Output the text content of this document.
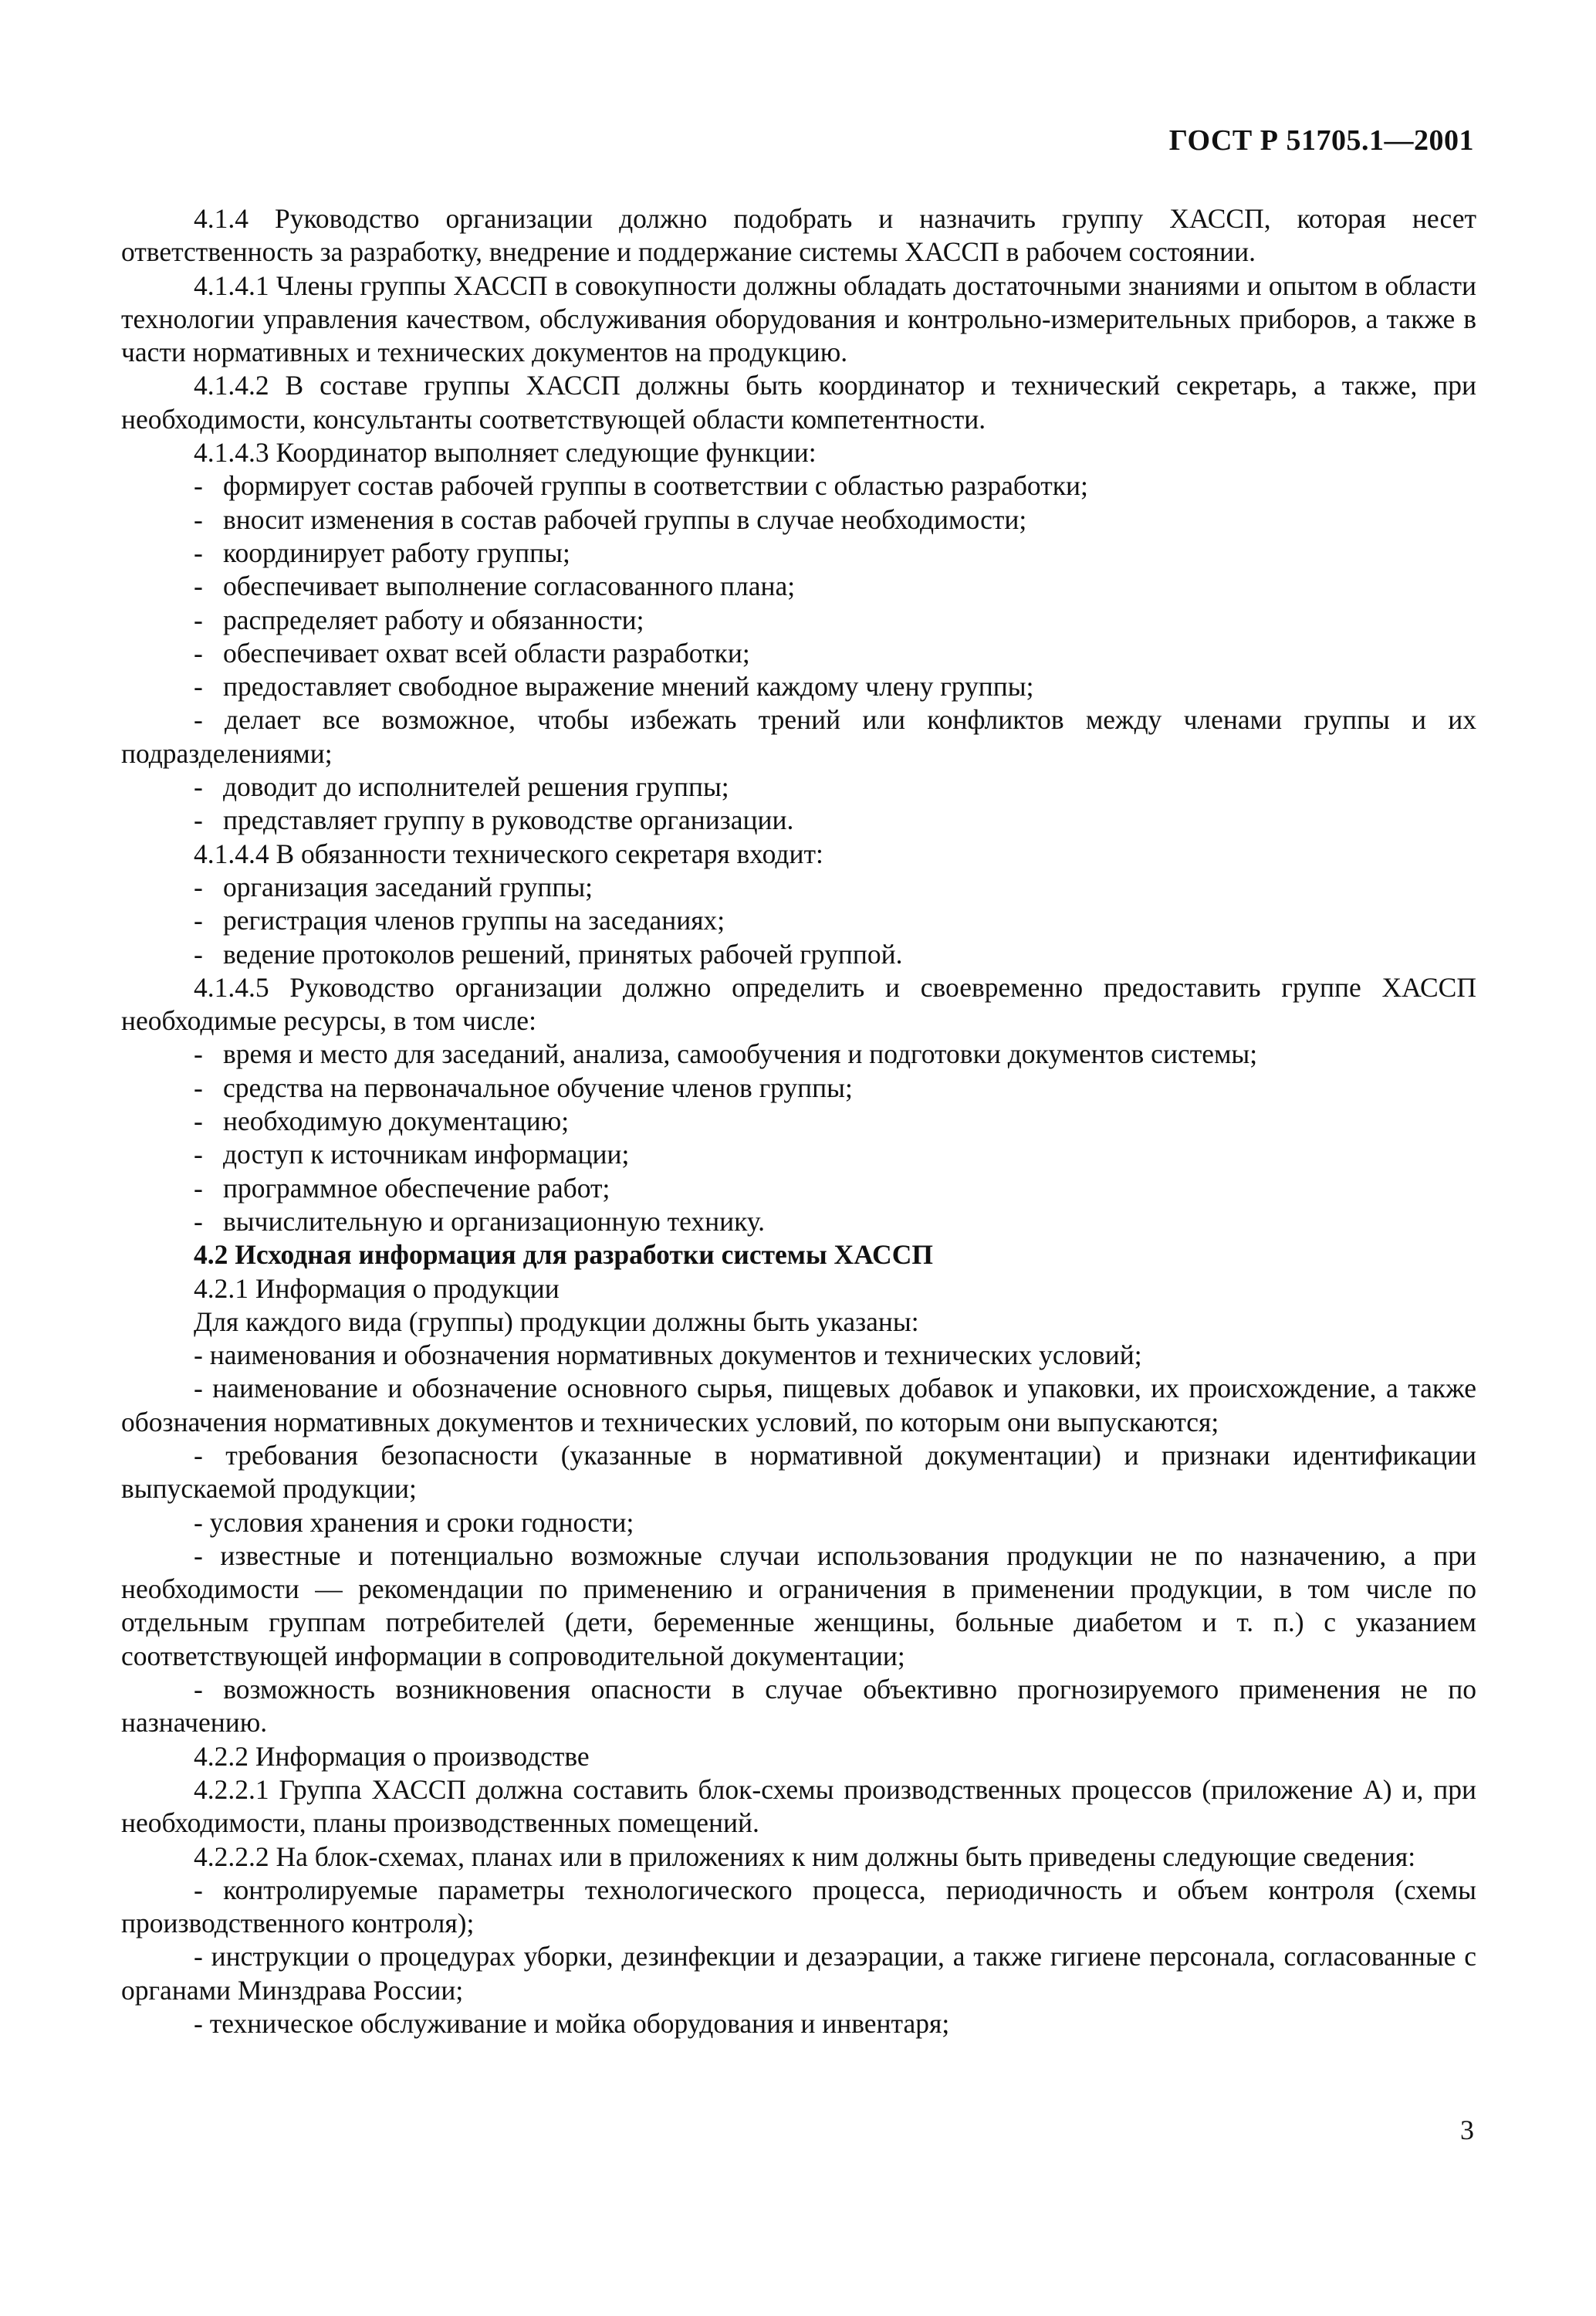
ГОСТ Р 51705.1—2001

4.1.4 Руководство организации должно подобрать и назначить группу ХАССП, которая несет ответственность за разработку, внедрение и поддержание системы ХАССП в рабочем состоянии.

4.1.4.1 Члены группы ХАССП в совокупности должны обладать достаточными знаниями и опытом в области технологии управления качеством, обслуживания оборудования и контрольно-измерительных приборов, а также в части нормативных и технических документов на продукцию.

4.1.4.2 В составе группы ХАССП должны быть координатор и технический секретарь, а также, при необходимости, консультанты соответствующей области компетентности.

4.1.4.3 Координатор выполняет следующие функции:

- формирует состав рабочей группы в соответствии с областью разработки;

- вносит изменения в состав рабочей группы в случае необходимости;

- координирует работу группы;

- обеспечивает выполнение согласованного плана;

- распределяет работу и обязанности;

- обеспечивает охват всей области разработки;

- предоставляет свободное выражение мнений каждому члену группы;

- делает все возможное, чтобы избежать трений или конфликтов между членами группы и их подразделениями;

- доводит до исполнителей решения группы;

- представляет группу в руководстве организации.

4.1.4.4 В обязанности технического секретаря входит:

- организация заседаний группы;

- регистрация членов группы на заседаниях;

- ведение протоколов решений, принятых рабочей группой.

4.1.4.5 Руководство организации должно определить и своевременно предоставить группе ХАССП необходимые ресурсы, в том числе:

- время и место для заседаний, анализа, самообучения и подготовки документов системы;

- средства на первоначальное обучение членов группы;

- необходимую документацию;

- доступ к источникам информации;

- программное обеспечение работ;

- вычислительную и организационную технику.

4.2 Исходная информация для разработки системы ХАССП

4.2.1 Информация о продукции

Для каждого вида (группы) продукции должны быть указаны:

- наименования и обозначения нормативных документов и технических условий;

- наименование и обозначение основного сырья, пищевых добавок и упаковки, их происхождение, а также обозначения нормативных документов и технических условий, по которым они выпускаются;

- требования безопасности (указанные в нормативной документации) и признаки идентификации выпускаемой продукции;

- условия хранения и сроки годности;

- известные и потенциально возможные случаи использования продукции не по назначению, а при необходимости — рекомендации по применению и ограничения в применении продукции, в том числе по отдельным группам потребителей (дети, беременные женщины, больные диабетом и т. п.) с указанием соответствующей информации в сопроводительной документации;

- возможность возникновения опасности в случае объективно прогнозируемого применения не по назначению.

4.2.2 Информация о производстве

4.2.2.1 Группа ХАССП должна составить блок-схемы производственных процессов (приложение А) и, при необходимости, планы производственных помещений.

4.2.2.2 На блок-схемах, планах или в приложениях к ним должны быть приведены следующие сведения:

- контролируемые параметры технологического процесса, периодичность и объем контроля (схемы производственного контроля);

- инструкции о процедурах уборки, дезинфекции и дезаэрации, а также гигиене персонала, согласованные с органами Минздрава России;

- техническое обслуживание и мойка оборудования и инвентаря;

3
